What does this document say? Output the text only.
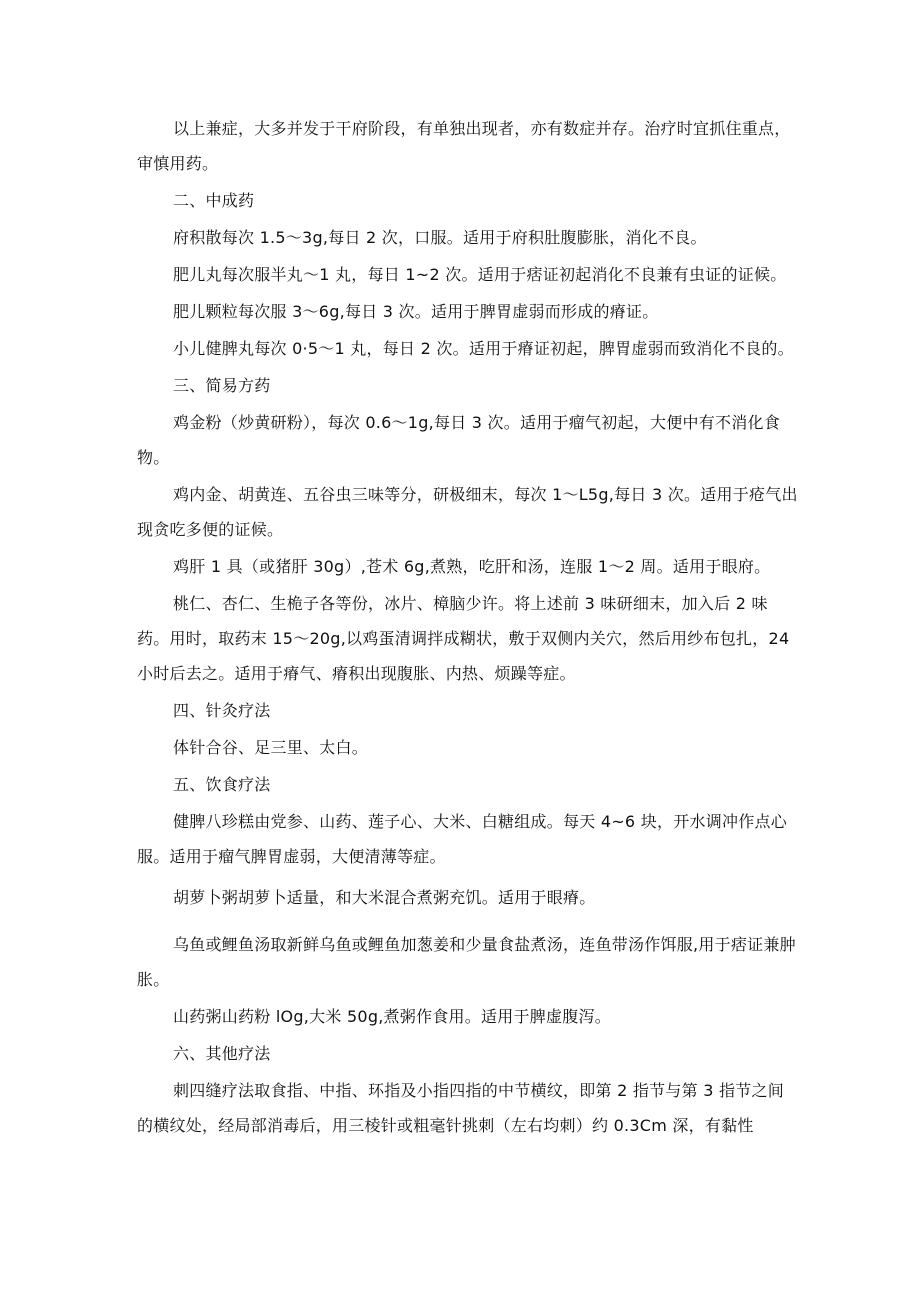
以上兼症，大多并发于干府阶段，有单独出现者，亦有数症并存。治疗时宜抓住重点，审慎用药。

二、中成药

府积散每次 1.5～3g,每日 2 次，口服。适用于府积肚腹膨胀，消化不良。

肥儿丸每次服半丸～1 丸，每日 1~2 次。适用于痞证初起消化不良兼有虫证的证候。

肥儿颗粒每次服 3～6g,每日 3 次。适用于脾胃虚弱而形成的瘠证。

小儿健脾丸每次 0·5～1 丸，每日 2 次。适用于瘠证初起，脾胃虚弱而致消化不良的。

三、简易方药

鸡金粉（炒黄研粉），每次 0.6～1g,每日 3 次。适用于瘤气初起，大便中有不消化食物。

鸡内金、胡黄连、五谷虫三味等分，研极细末，每次 1～L5g,每日 3 次。适用于疮气出现贪吃多便的证候。

鸡肝 1 具（或猪肝 30g）,苍术 6g,煮熟，吃肝和汤，连服 1～2 周。适用于眼府。

桃仁、杏仁、生桅子各等份，冰片、樟脑少许。将上述前 3 味研细末，加入后 2 味药。用时，取药末 15～20g,以鸡蛋清调拌成糊状，敷于双侧内关穴，然后用纱布包扎，24 小时后去之。适用于瘠气、瘠积出现腹胀、内热、烦躁等症。

四、针灸疗法

体针合谷、足三里、太白。

五、饮食疗法

健脾八珍糕由党参、山药、莲子心、大米、白糖组成。每天 4~6 块，开水调冲作点心服。适用于瘤气脾胃虚弱，大便清薄等症。

胡萝卜粥胡萝卜适量，和大米混合煮粥充饥。适用于眼瘠。

乌鱼或鲤鱼汤取新鲜乌鱼或鲤鱼加葱姜和少量食盐煮汤，连鱼带汤作饵服,用于痞证兼肿胀。

山药粥山药粉 lOg,大米 50g,煮粥作食用。适用于脾虚腹泻。

六、其他疗法

刺四缝疗法取食指、中指、环指及小指四指的中节横纹，即第 2 指节与第 3 指节之间的横纹处，经局部消毒后，用三棱针或粗毫针挑刺（左右均刺）约 0.3Cm 深，有黏性
